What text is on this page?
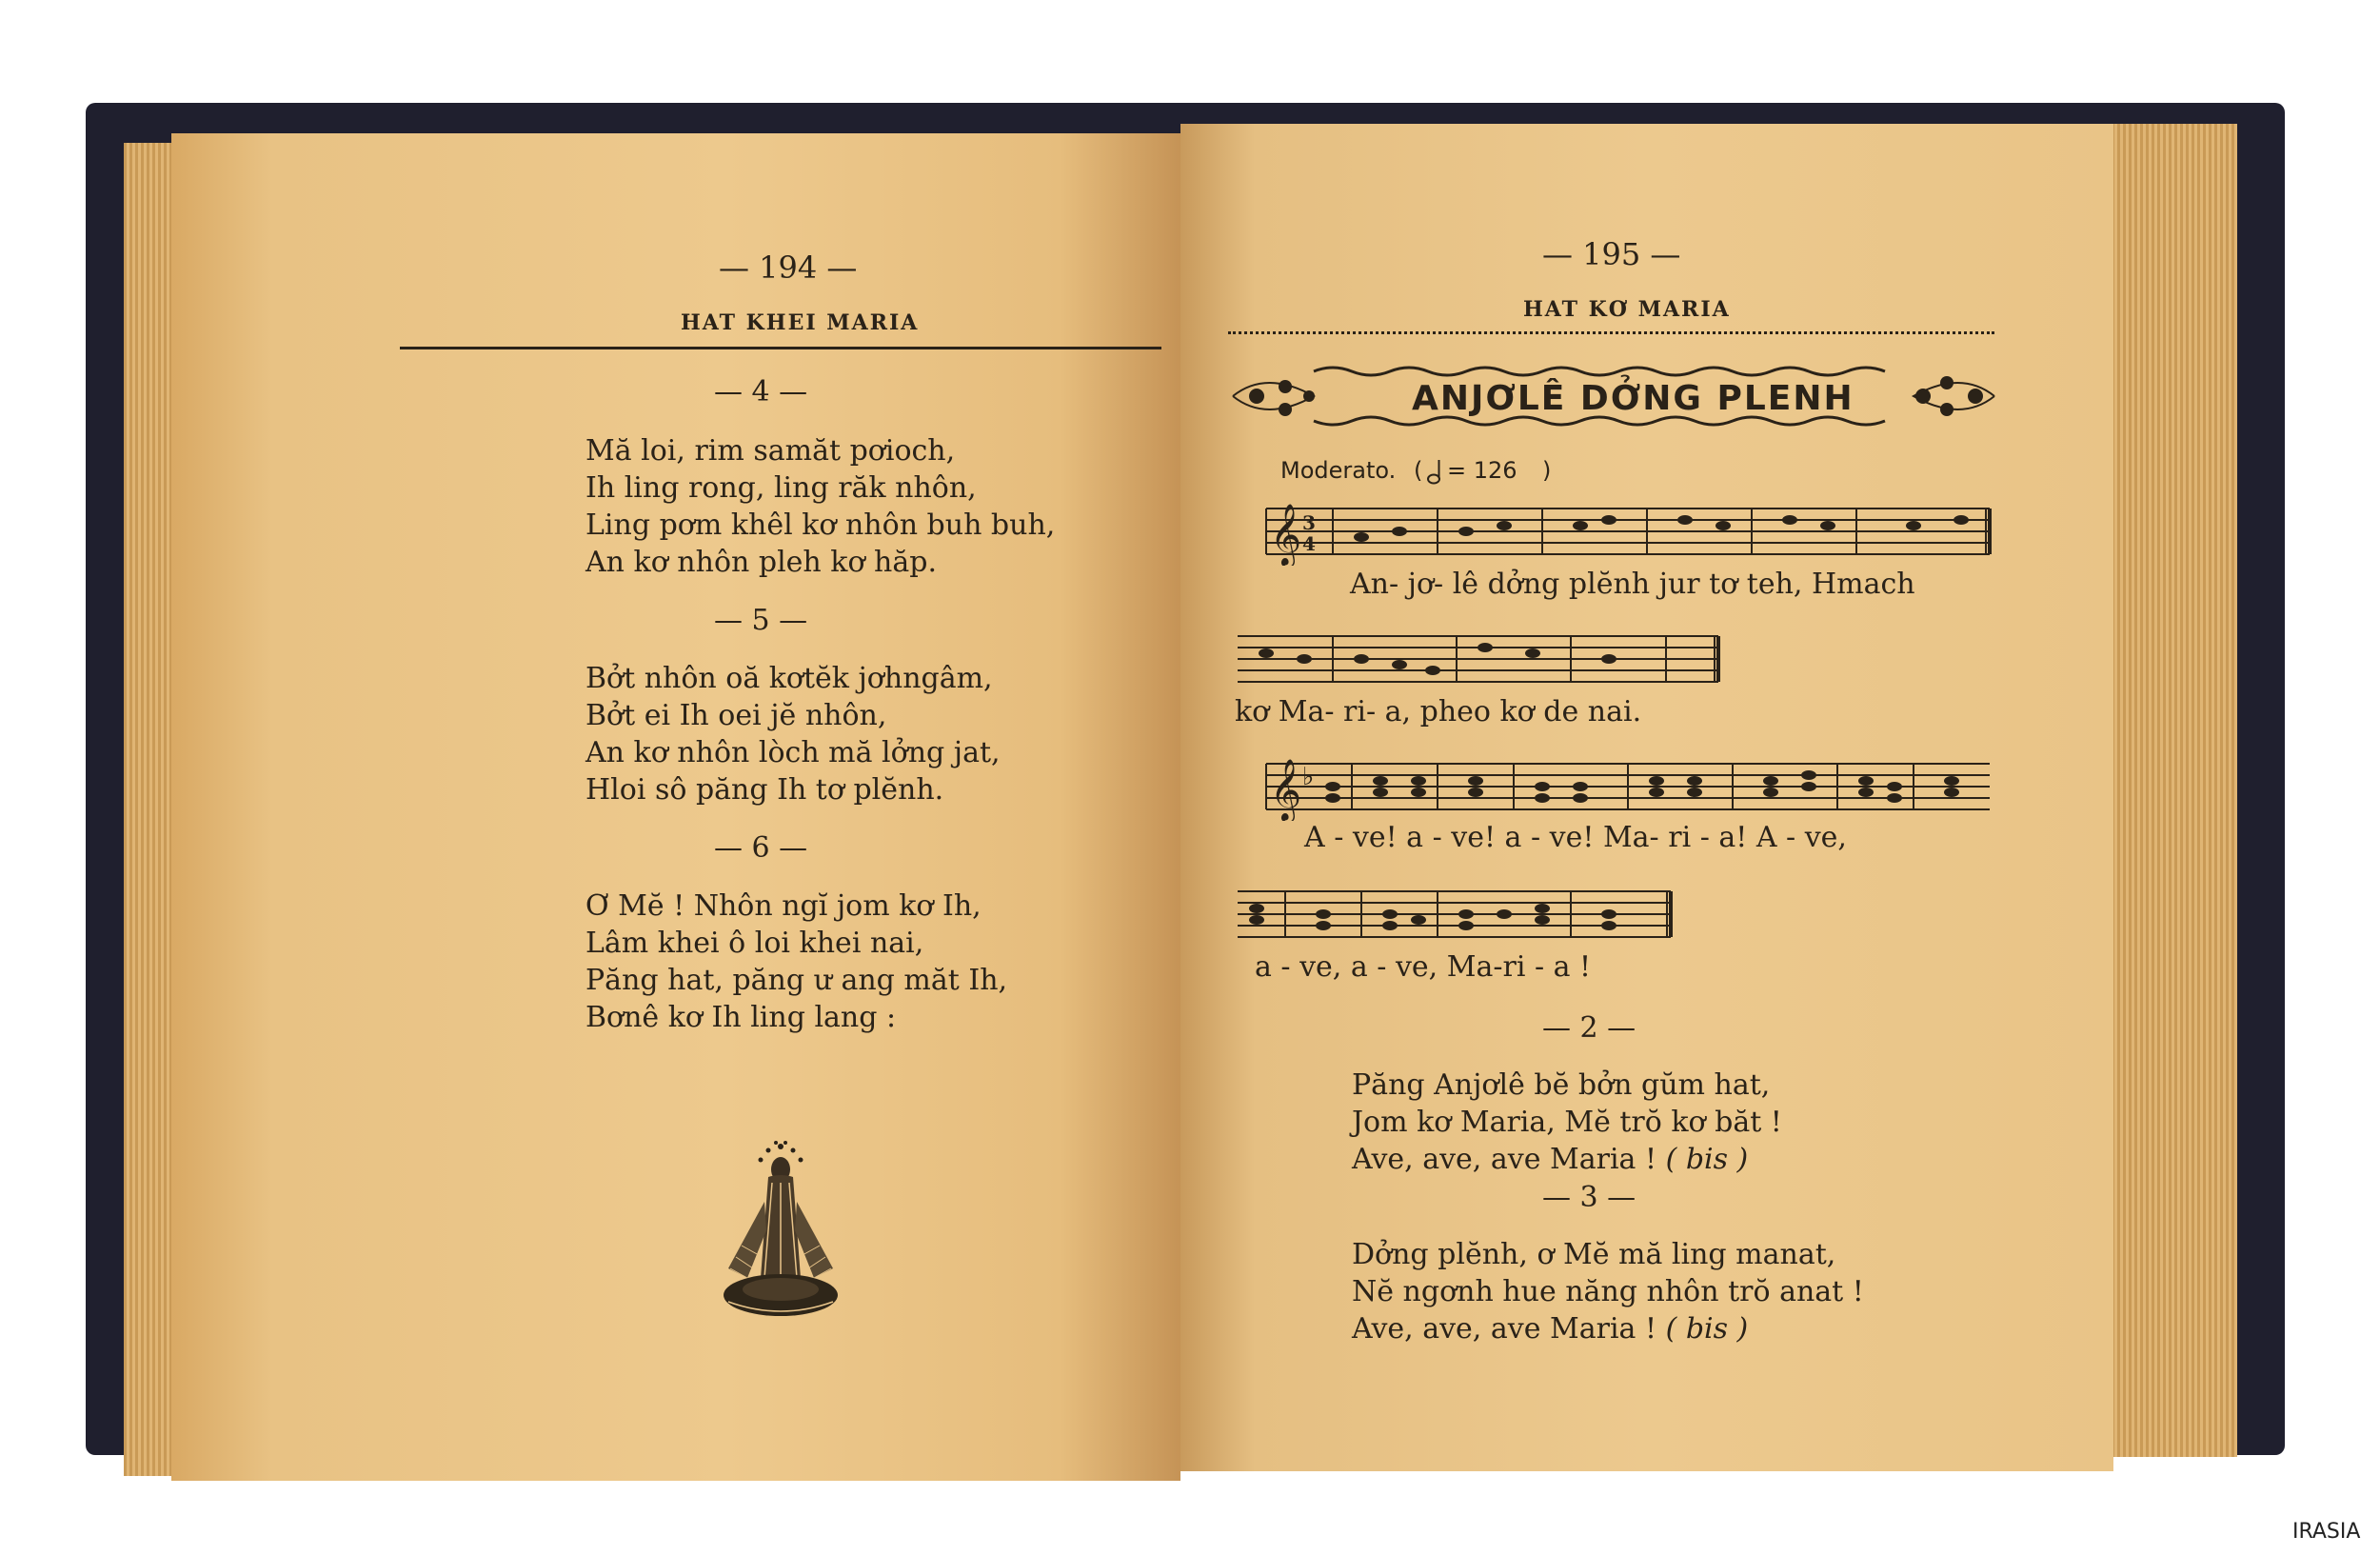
— 194 —
HAT KHEI MARIA
— 4 —
Mă loi, rim samăt pơioch,
Ih ling rong, ling răk nhôn,
Ling pơm khêl kơ nhôn buh buh,
An kơ nhôn pleh kơ hăp.
— 5 —
Bởt nhôn oă kơtĕk jơhngâm,
Bởt ei Ih oei jĕ nhôn,
An kơ nhôn lòch mă lởng jat,
Hloi sô păng Ih tơ plĕnh.
— 6 —
Ơ Mĕ ! Nhôn ngĭ jom kơ Ih,
Lâm khei ô loi khei nai,
Păng hat, păng ư ang măt Ih,
Bơnê kơ Ih ling lang :
— 195 —
HAT KƠ MARIA
ANJƠLÊ DỞNG PLENH
Moderato. ( = 126 )
𝄞 3
4
An- jơ- lê dởng plĕnh jur tơ teh, Hmach
kơ Ma- ri- a, pheo kơ de nai.
𝄞 ♭
A - ve! a - ve! a - ve! Ma- ri - a! A - ve,
a - ve, a - ve, Ma-ri - a !
— 2 —
Păng Anjơlê bĕ bởn gŭm hat,
Jom kơ Maria, Mĕ trŏ kơ băt !
Ave, ave, ave Maria ! ( bis )
— 3 —
Dởng plĕnh, ơ Mĕ mă ling manat,
Nĕ ngơnh hue năng nhôn trŏ anat !
Ave, ave, ave Maria ! ( bis )
IRASIA
